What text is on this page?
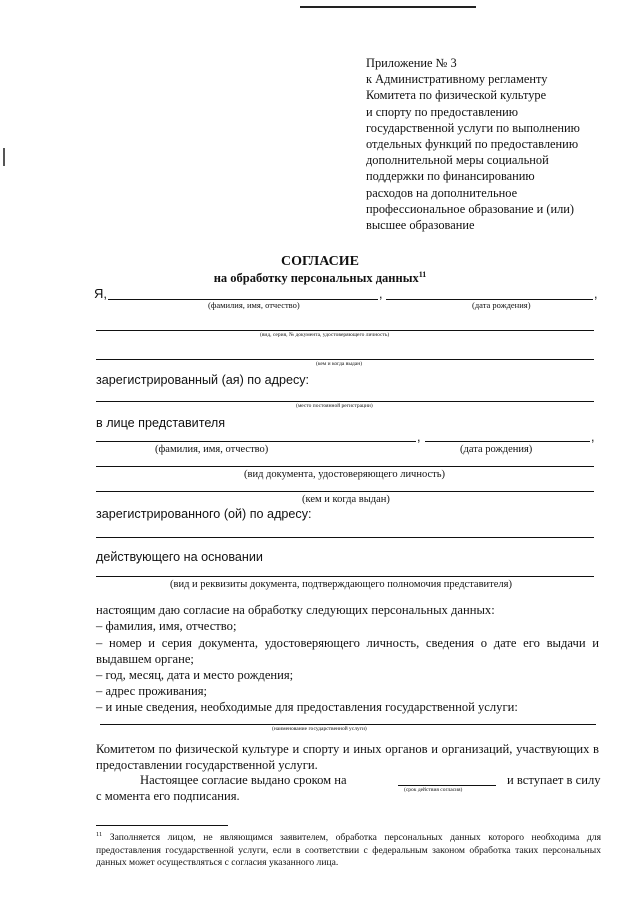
Приложение № 3
к Административному регламенту
Комитета по физической культуре
и спорту по предоставлению
государственной услуги по выполнению
отдельных функций по предоставлению
дополнительной меры социальной
поддержки по финансированию
расходов на дополнительное
профессиональное образование и (или)
высшее образование
СОГЛАСИЕ
на обработку персональных данных$^{11}$
Я,	,	,
(фамилия, имя, отчество)	(дата рождения)
(вид, серия, № документа, удостоверяющего личность)
(кем и когда выдан)
зарегистрированный (ая) по адресу:
(место постоянной регистрации)
в лице представителя
,	,
(фамилия, имя, отчество)	(дата рождения)
(вид документа, удостоверяющего личность)
(кем и когда выдан)
зарегистрированного (ой) по адресу:
действующего на основании
(вид и реквизиты документа, подтверждающего полномочия представителя)
настоящим даю согласие на обработку следующих персональных данных:
– фамилия, имя, отчество;
– номер и серия документа, удостоверяющего личность, сведения о дате его выдачи и выдавшем органе;
– год, месяц, дата и место рождения;
– адрес проживания;
– и иные сведения, необходимые для предоставления государственной услуги:
(наименование государственной услуги)
Комитетом по физической культуре и спорту и иных органов и организаций, участвующих в предоставлении государственной услуги.
Настоящее согласие выдано сроком на	и вступает в силу
с момента его подписания.	(срок действия согласия)
$^{11}$ Заполняется лицом, не являющимся заявителем, обработка персональных данных которого необходима для предоставления государственной услуги, если в соответствии с федеральным законом обработка таких персональных данных может осуществляться с согласия указанного лица.
